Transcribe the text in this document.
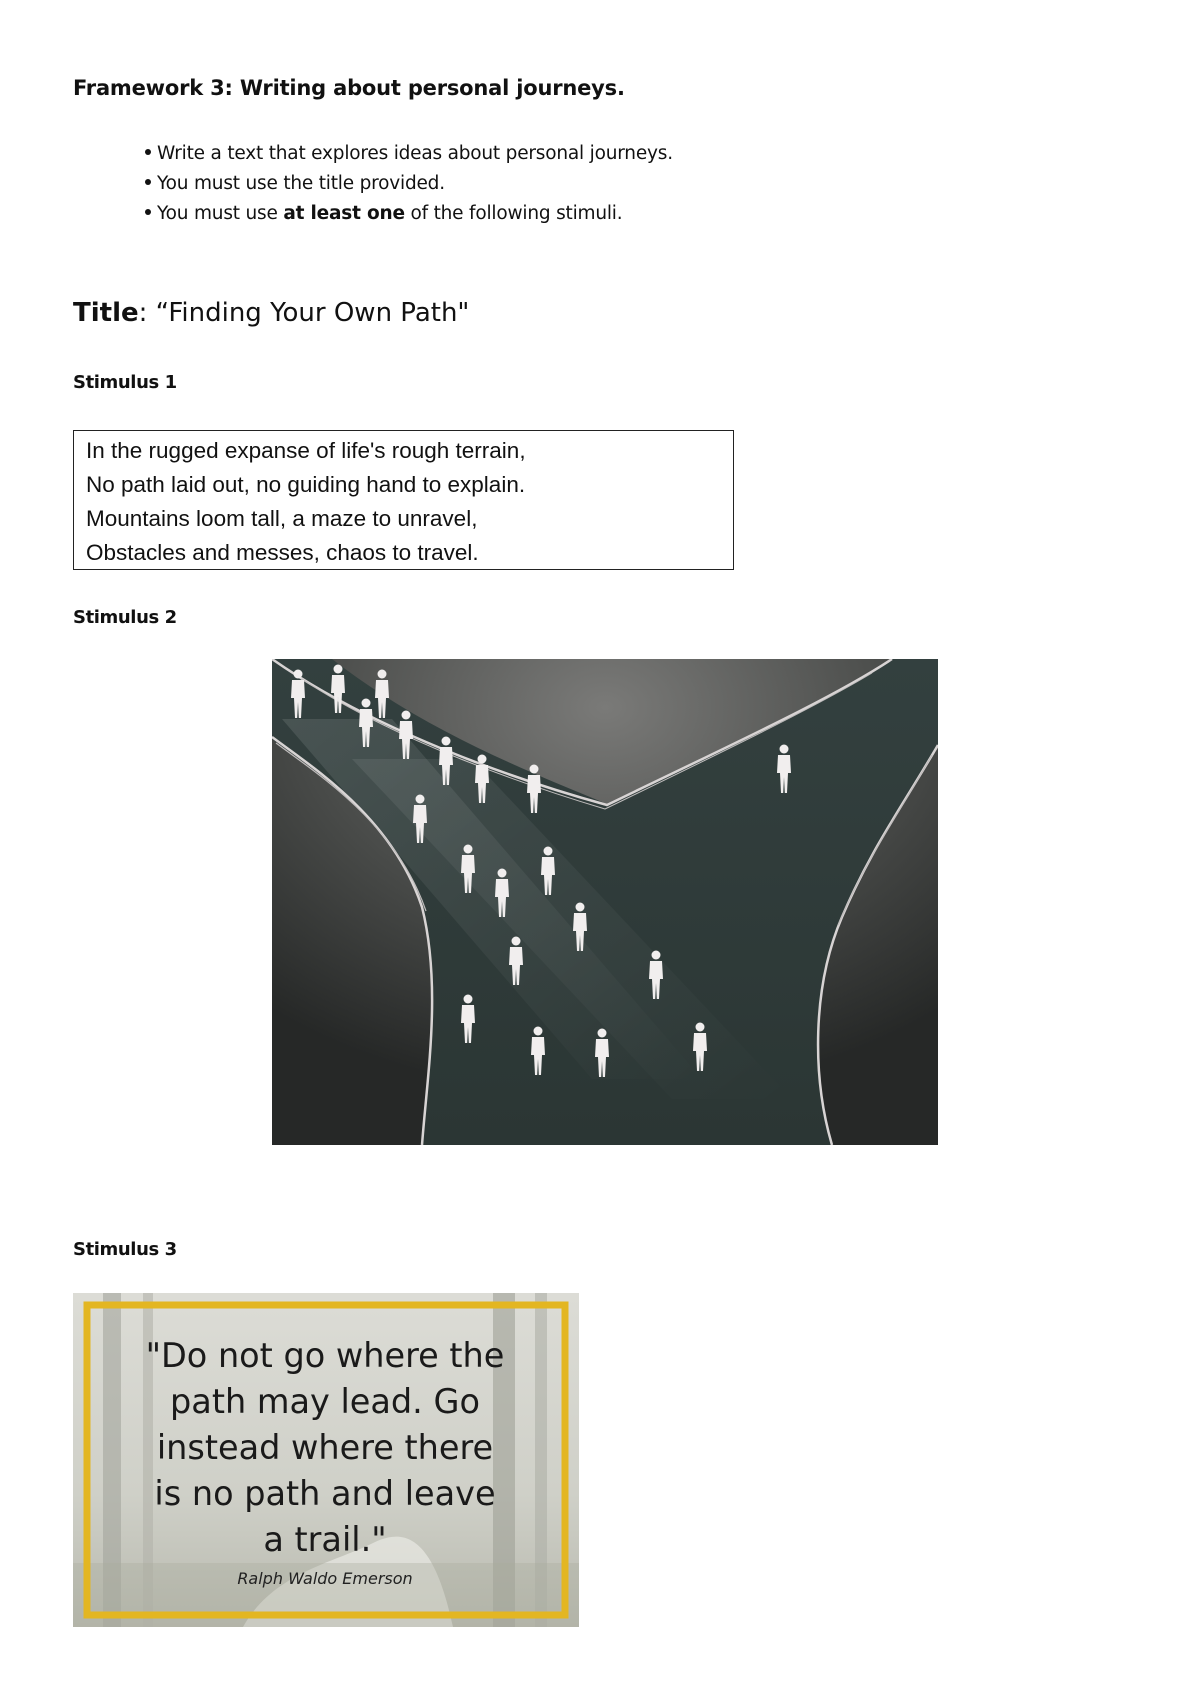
Framework 3: Writing about personal journeys.
Write a text that explores ideas about personal journeys.
You must use the title provided.
You must use at least one of the following stimuli.
Title: “Finding Your Own Path"
Stimulus 1
In the rugged expanse of life's rough terrain,
No path laid out, no guiding hand to explain.
Mountains loom tall, a maze to unravel,
Obstacles and messes, chaos to travel.
Stimulus 2
Stimulus 3
"Do not go where the
path may lead. Go
instead where there
is no path and leave
a trail."
Ralph Waldo Emerson
